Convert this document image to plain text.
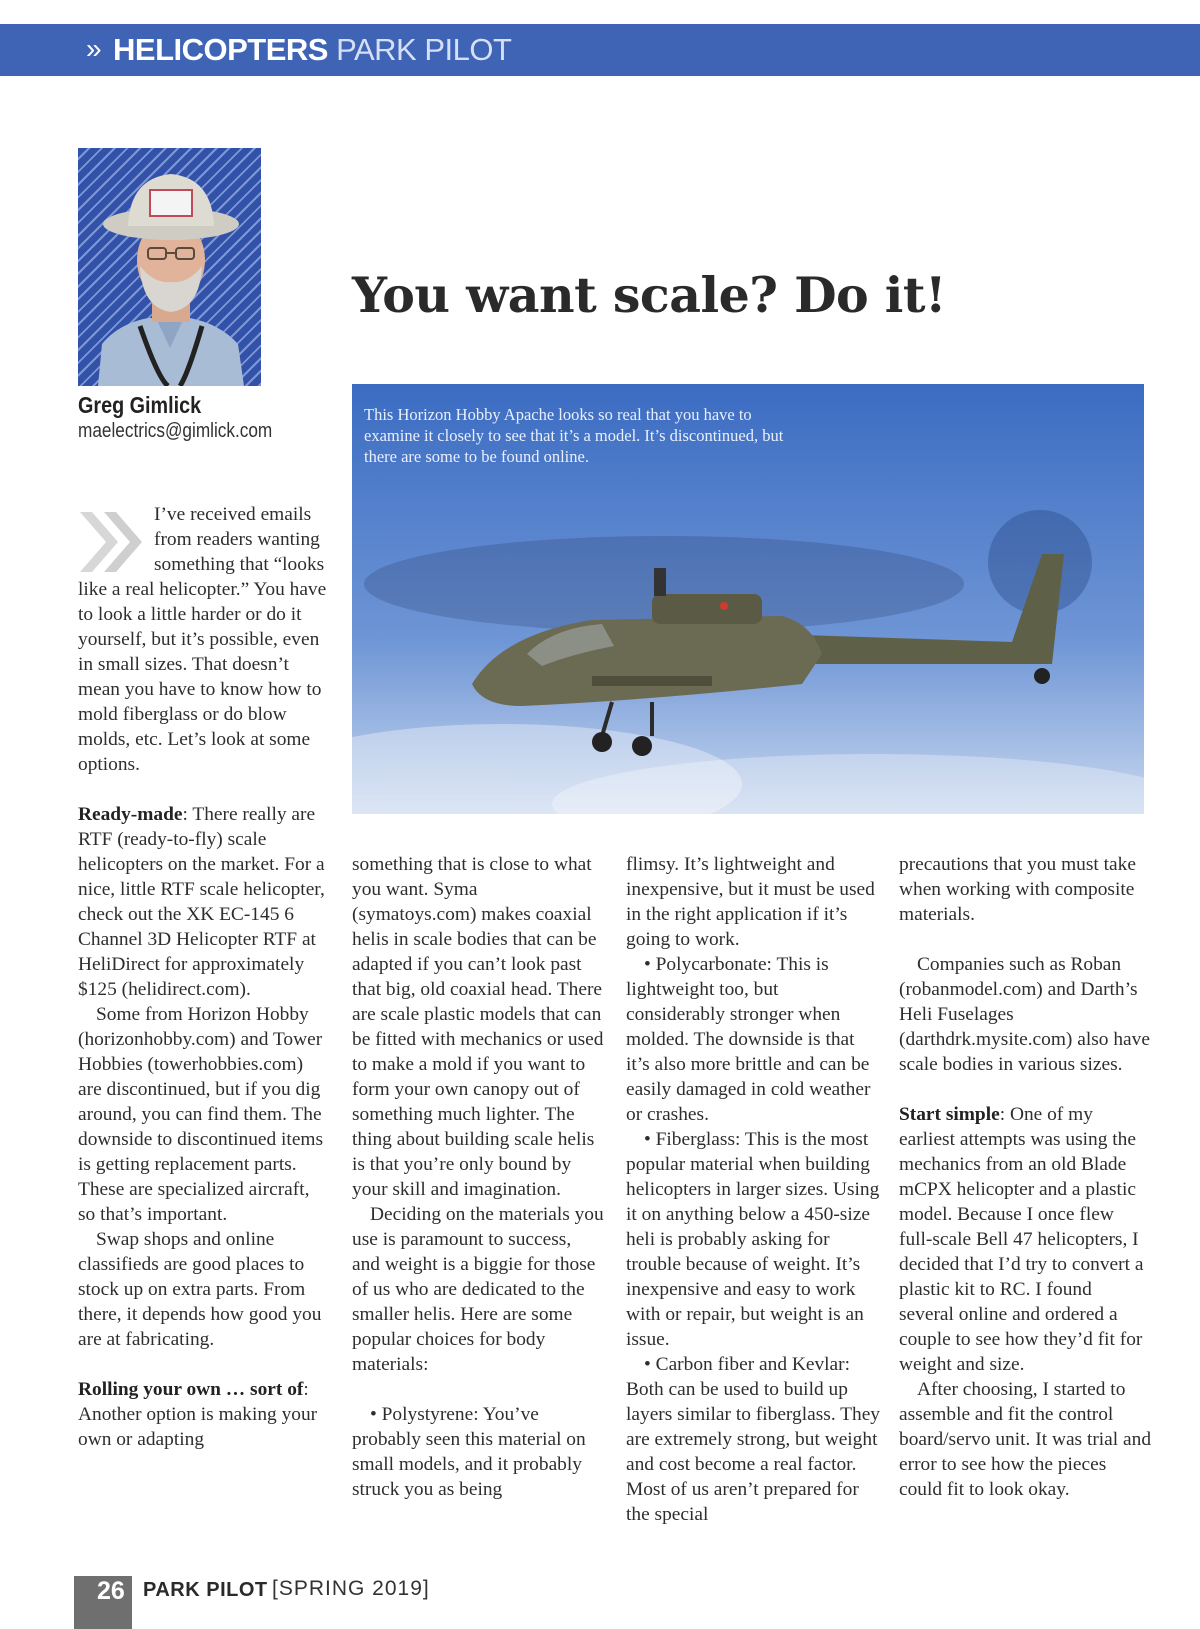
» HELICOPTERS PARK PILOT
Greg Gimlick
maelectrics@gimlick.com
You want scale? Do it!
This Horizon Hobby Apache looks so real that you have to examine it closely to see that it’s a model. It’s discontinued, but there are some to be found online.

I’ve received emails from readers wanting something that “looks like a real helicopter.” You have to look a little harder or do it yourself, but it’s possible, even in small sizes. That doesn’t mean you have to know how to mold fiberglass or do blow molds, etc. Let’s look at some options.

Ready-made: There really are RTF (ready-to-fly) scale helicopters on the market. For a nice, little RTF scale helicopter, check out the XK EC-145 6 Channel 3D Helicopter RTF at HeliDirect for approximately $125 (helidirect.com).

Some from Horizon Hobby (horizonhobby.com) and Tower Hobbies (towerhobbies.com) are discontinued, but if you dig around, you can find them. The downside to discontinued items is getting replacement parts. These are specialized aircraft, so that’s important.

Swap shops and online classifieds are good places to stock up on extra parts. From there, it depends how good you are at fabricating.

Rolling your own … sort of: Another option is making your own or adapting

something that is close to what you want. Syma (symatoys.com) makes coaxial helis in scale bodies that can be adapted if you can’t look past that big, old coaxial head. There are scale plastic models that can be fitted with mechanics or used to make a mold if you want to form your own canopy out of something much lighter. The thing about building scale helis is that you’re only bound by your skill and imagination.

Deciding on the materials you use is paramount to success, and weight is a biggie for those of us who are dedicated to the smaller helis. Here are some popular choices for body materials:

• Polystyrene: You’ve probably seen this material on small models, and it probably struck you as being

flimsy. It’s lightweight and inexpensive, but it must be used in the right application if it’s going to work.

• Polycarbonate: This is lightweight too, but considerably stronger when molded. The downside is that it’s also more brittle and can be easily damaged in cold weather or crashes.

• Fiberglass: This is the most popular material when building helicopters in larger sizes. Using it on anything below a 450-size heli is probably asking for trouble because of weight. It’s inexpensive and easy to work with or repair, but weight is an issue.

• Carbon fiber and Kevlar: Both can be used to build up layers similar to fiberglass. They are extremely strong, but weight and cost become a real factor. Most of us aren’t prepared for the special

precautions that you must take when working with composite materials.

Companies such as Roban (robanmodel.com) and Darth’s Heli Fuselages (darthdrk.mysite.com) also have scale bodies in various sizes.

Start simple: One of my earliest attempts was using the mechanics from an old Blade mCPX helicopter and a plastic model. Because I once flew full-scale Bell 47 helicopters, I decided that I’d try to convert a plastic kit to RC. I found several online and ordered a couple to see how they’d fit for weight and size.

After choosing, I started to assemble and fit the control board/servo unit. It was trial and error to see how the pieces could fit to look okay.

26 PARK PILOT [SPRING 2019]
